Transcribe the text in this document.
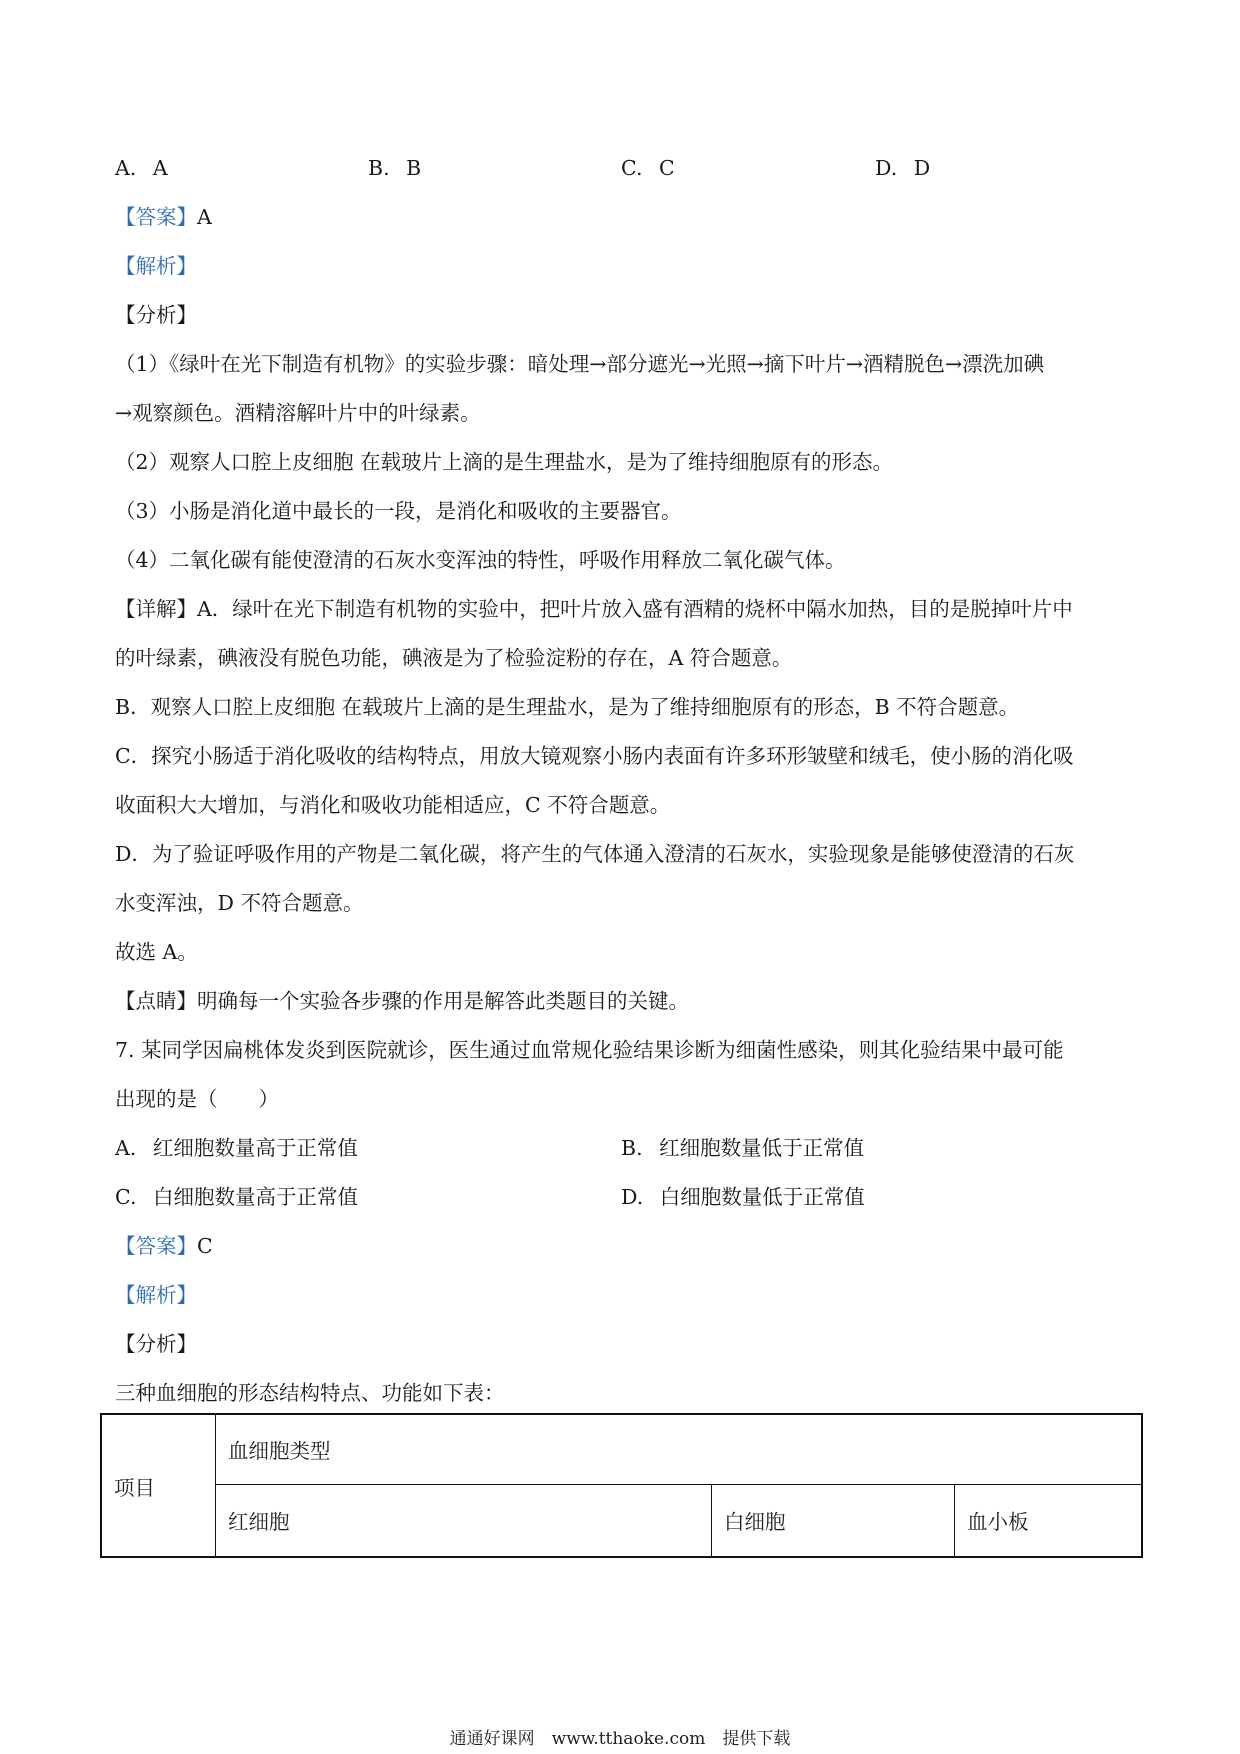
A. A	B. B	C. C	D. D

【答案】A

【解析】

【分析】

（1）《绿叶在光下制造有机物》的实验步骤：暗处理→部分遮光→光照→摘下叶片→酒精脱色→漂洗加碘

→观察颜色。酒精溶解叶片中的叶绿素。

（2）观察人口腔上皮细胞 在载玻片上滴的是生理盐水，是为了维持细胞原有的形态。

（3）小肠是消化道中最长的一段，是消化和吸收的主要器官。

（4）二氧化碳有能使澄清的石灰水变浑浊的特性，呼吸作用释放二氧化碳气体。

【详解】A．绿叶在光下制造有机物的实验中，把叶片放入盛有酒精的烧杯中隔水加热，目的是脱掉叶片中

的叶绿素，碘液没有脱色功能，碘液是为了检验淀粉的存在，A 符合题意。

B．观察人口腔上皮细胞 在载玻片上滴的是生理盐水，是为了维持细胞原有的形态，B 不符合题意。

C．探究小肠适于消化吸收的结构特点，用放大镜观察小肠内表面有许多环形皱壁和绒毛，使小肠的消化吸

收面积大大增加，与消化和吸收功能相适应，C 不符合题意。

D．为了验证呼吸作用的产物是二氧化碳，将产生的气体通入澄清的石灰水，实验现象是能够使澄清的石灰

水变浑浊，D 不符合题意。

故选 A。

【点睛】明确每一个实验各步骤的作用是解答此类题目的关键。

7. 某同学因扁桃体发炎到医院就诊，医生通过血常规化验结果诊断为细菌性感染，则其化验结果中最可能

出现的是（　　）

A. 红细胞数量高于正常值	B. 红细胞数量低于正常值
C. 白细胞数量高于正常值	D. 白细胞数量低于正常值

【答案】C

【解析】

【分析】

三种血细胞的形态结构特点、功能如下表：

项目	血细胞类型		
	红细胞	白细胞	血小板
通通好课网　www.tthaoke.com　提供下载
